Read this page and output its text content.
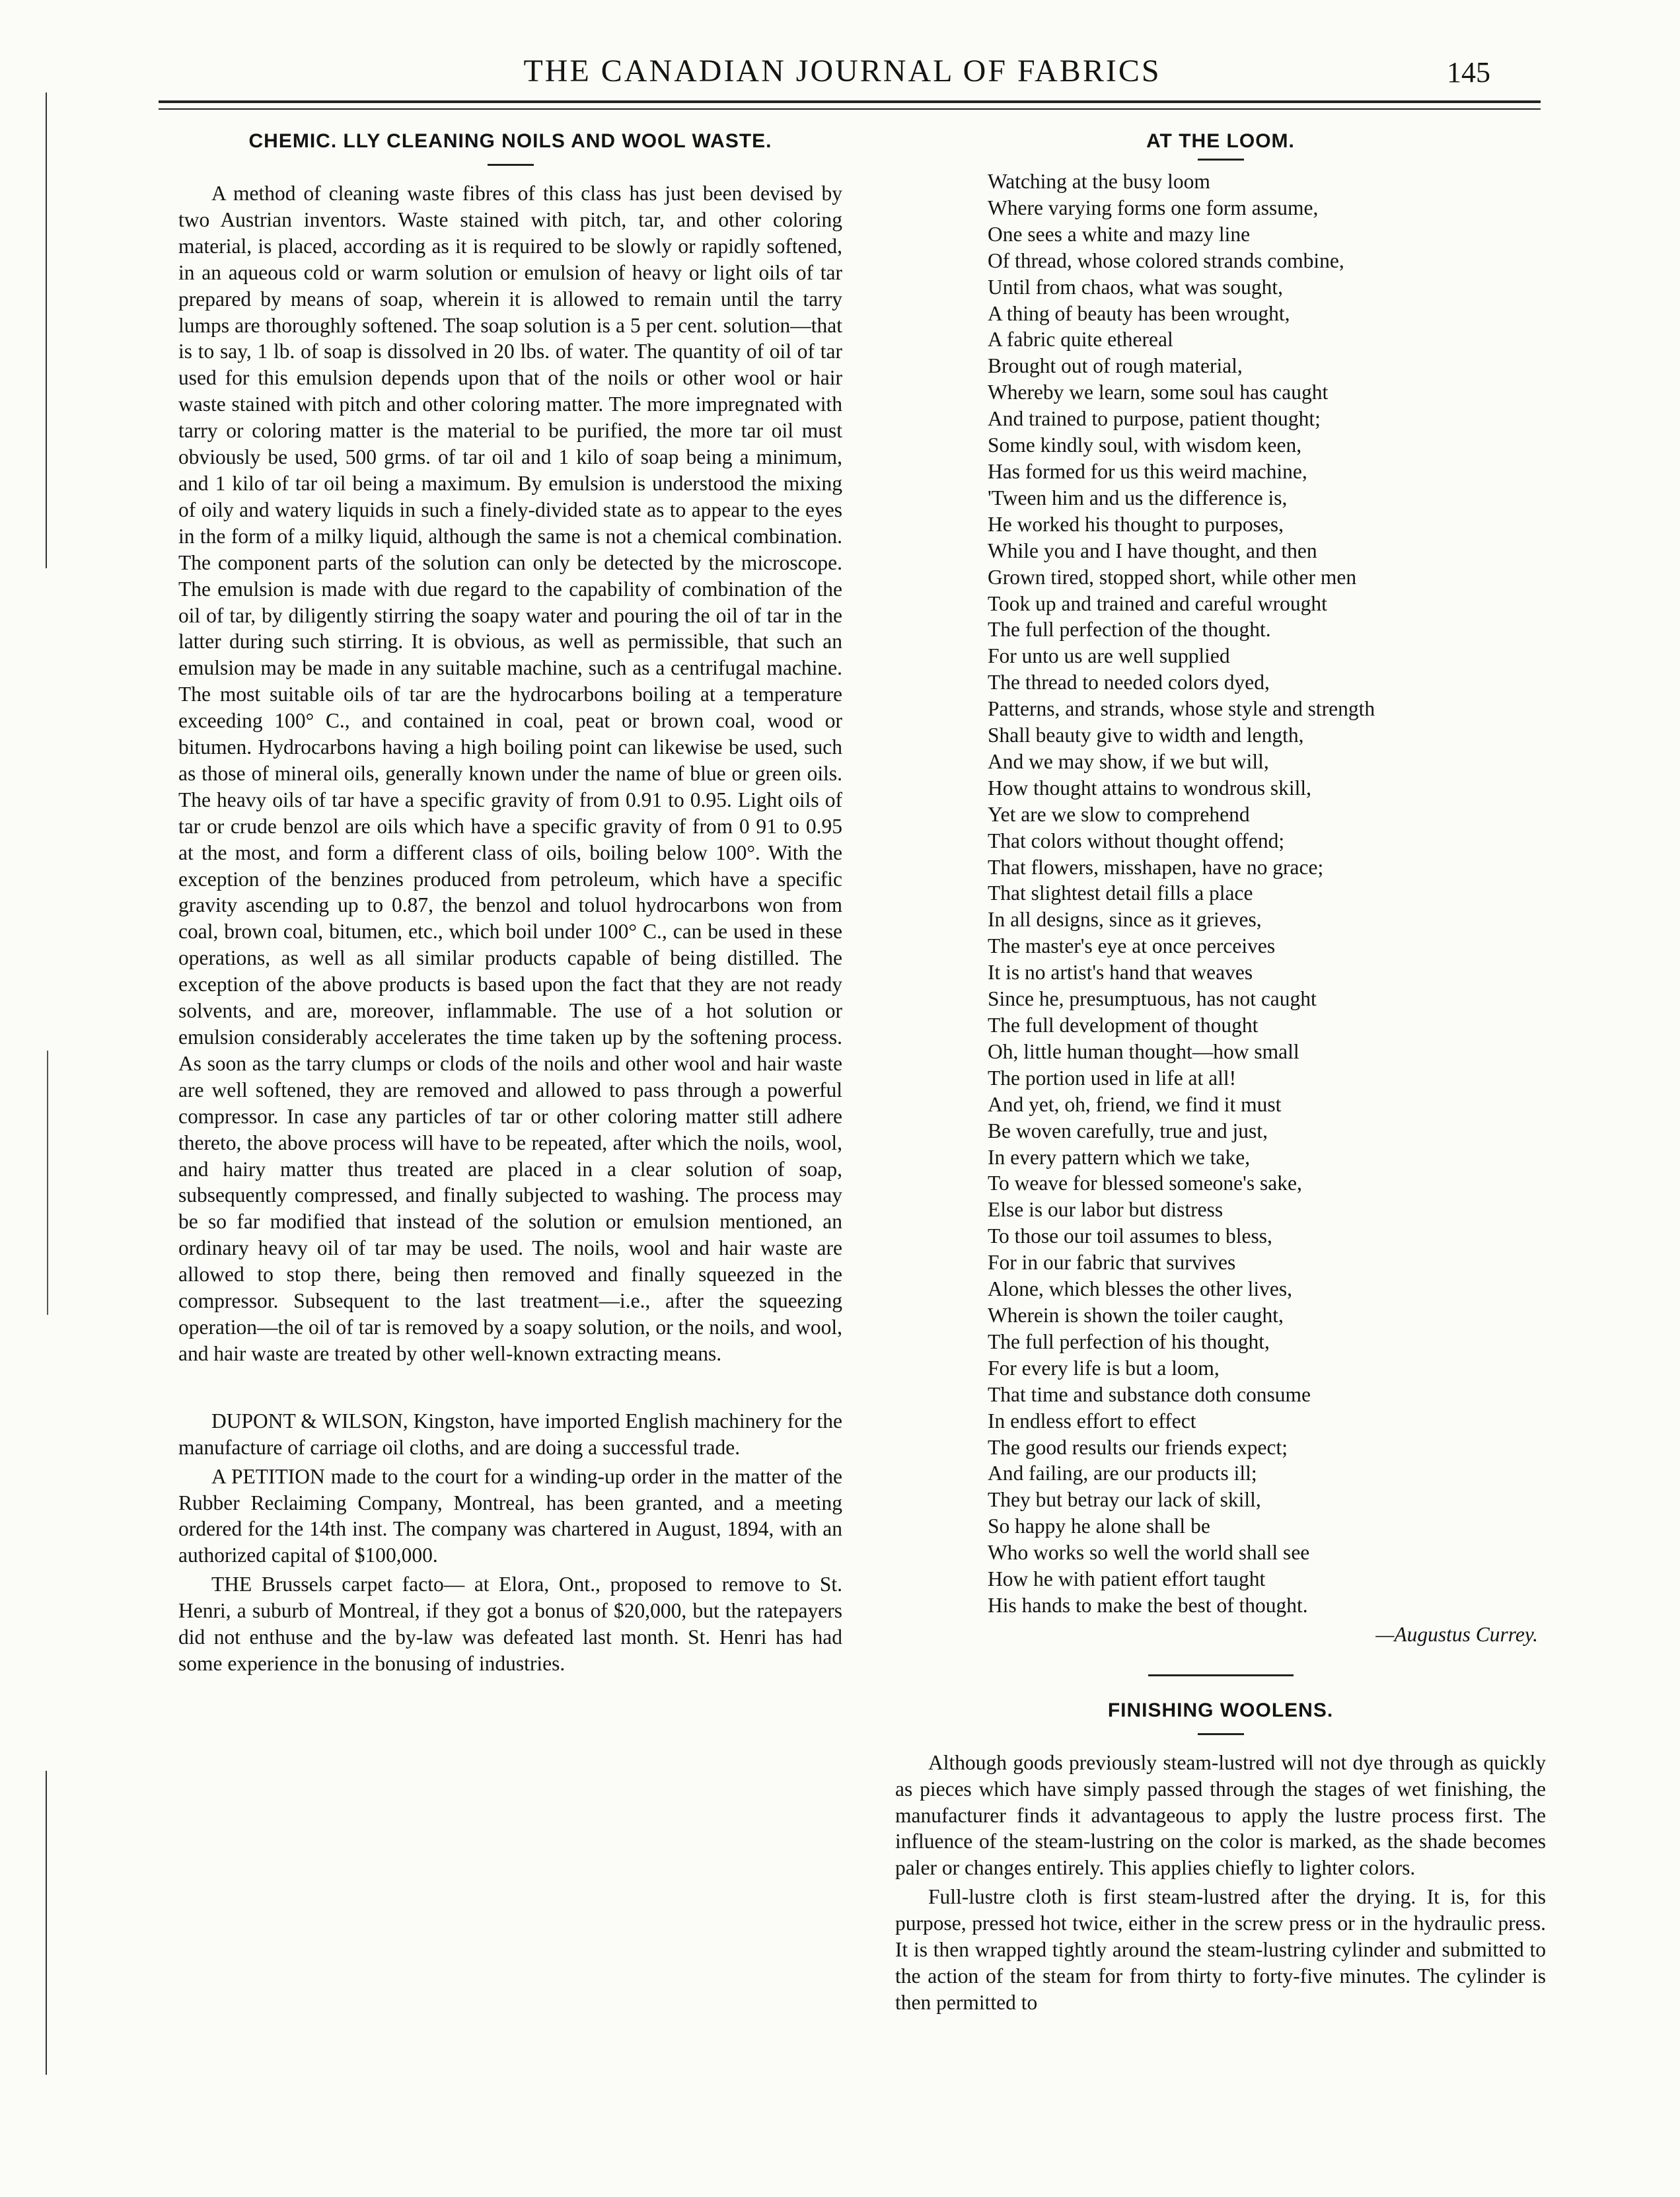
THE CANADIAN JOURNAL OF FABRICS	145
CHEMIC. LLY CLEANING NOILS AND WOOL WASTE.

A method of cleaning waste fibres of this class has just been devised by two Austrian inventors. Waste stained with pitch, tar, and other coloring material, is placed, according as it is required to be slowly or rapidly softened, in an aqueous cold or warm solution or emulsion of heavy or light oils of tar prepared by means of soap, wherein it is allowed to remain until the tarry lumps are thoroughly softened. The soap solution is a 5 per cent. solution—that is to say, 1 lb. of soap is dissolved in 20 lbs. of water. The quantity of oil of tar used for this emulsion depends upon that of the noils or other wool or hair waste stained with pitch and other coloring matter. The more impregnated with tarry or coloring matter is the material to be purified, the more tar oil must obviously be used, 500 grms. of tar oil and 1 kilo of soap being a minimum, and 1 kilo of tar oil being a maximum. By emulsion is understood the mixing of oily and watery liquids in such a finely-divided state as to appear to the eyes in the form of a milky liquid, although the same is not a chemical combination. The component parts of the solution can only be detected by the microscope. The emulsion is made with due regard to the capability of combination of the oil of tar, by diligently stirring the soapy water and pouring the oil of tar in the latter during such stirring. It is obvious, as well as permissible, that such an emulsion may be made in any suitable machine, such as a centrifugal machine. The most suitable oils of tar are the hydrocarbons boiling at a temperature exceeding 100° C., and contained in coal, peat or brown coal, wood or bitumen. Hydrocarbons having a high boiling point can likewise be used, such as those of mineral oils, generally known under the name of blue or green oils. The heavy oils of tar have a specific gravity of from 0.91 to 0.95. Light oils of tar or crude benzol are oils which have a specific gravity of from 0 91 to 0.95 at the most, and form a different class of oils, boiling below 100°. With the exception of the benzines produced from petroleum, which have a specific gravity ascending up to 0.87, the benzol and toluol hydrocarbons won from coal, brown coal, bitumen, etc., which boil under 100° C., can be used in these operations, as well as all similar products capable of being distilled. The exception of the above products is based upon the fact that they are not ready solvents, and are, moreover, inflammable. The use of a hot solution or emulsion considerably accelerates the time taken up by the softening process. As soon as the tarry clumps or clods of the noils and other wool and hair waste are well softened, they are removed and allowed to pass through a powerful compressor. In case any particles of tar or other coloring matter still adhere thereto, the above process will have to be repeated, after which the noils, wool, and hairy matter thus treated are placed in a clear solution of soap, subsequently compressed, and finally subjected to washing. The process may be so far modified that instead of the solution or emulsion mentioned, an ordinary heavy oil of tar may be used. The noils, wool and hair waste are allowed to stop there, being then removed and finally squeezed in the compressor. Subsequent to the last treatment—i.e., after the squeezing operation—the oil of tar is removed by a soapy solution, or the noils, and wool, and hair waste are treated by other well-known extracting means.

DUPONT & WILSON, Kingston, have imported English machinery for the manufacture of carriage oil cloths, and are doing a successful trade.

A PETITION made to the court for a winding-up order in the matter of the Rubber Reclaiming Company, Montreal, has been granted, and a meeting ordered for the 14th inst. The company was chartered in August, 1894, with an authorized capital of $100,000.

THE Brussels carpet facto— at Elora, Ont., proposed to remove to St. Henri, a suburb of Montreal, if they got a bonus of $20,000, but the ratepayers did not enthuse and the by-law was defeated last month. St. Henri has had some experience in the bonusing of industries.

AT THE LOOM.
Watching at the busy loom
Where varying forms one form assume,
One sees a white and mazy line
Of thread, whose colored strands combine,
Until from chaos, what was sought,
A thing of beauty has been wrought,
A fabric quite ethereal
Brought out of rough material,
Whereby we learn, some soul has caught
And trained to purpose, patient thought;
Some kindly soul, with wisdom keen,
Has formed for us this weird machine,
'Tween him and us the difference is,
He worked his thought to purposes,
While you and I have thought, and then
Grown tired, stopped short, while other men
Took up and trained and careful wrought
The full perfection of the thought.
For unto us are well supplied
The thread to needed colors dyed,
Patterns, and strands, whose style and strength
Shall beauty give to width and length,
And we may show, if we but will,
How thought attains to wondrous skill,
Yet are we slow to comprehend
That colors without thought offend;
That flowers, misshapen, have no grace;
That slightest detail fills a place
In all designs, since as it grieves,
The master's eye at once perceives
It is no artist's hand that weaves
Since he, presumptuous, has not caught
The full development of thought
Oh, little human thought—how small
The portion used in life at all!
And yet, oh, friend, we find it must
Be woven carefully, true and just,
In every pattern which we take,
To weave for blessed someone's sake,
Else is our labor but distress
To those our toil assumes to bless,
For in our fabric that survives
Alone, which blesses the other lives,
Wherein is shown the toiler caught,
The full perfection of his thought,
For every life is but a loom,
That time and substance doth consume
In endless effort to effect
The good results our friends expect;
And failing, are our products ill;
They but betray our lack of skill,
So happy he alone shall be
Who works so well the world shall see
How he with patient effort taught
His hands to make the best of thought.
—Augustus Currey.
FINISHING WOOLENS.

Although goods previously steam-lustred will not dye through as quickly as pieces which have simply passed through the stages of wet finishing, the manufacturer finds it advantageous to apply the lustre process first. The influence of the steam-lustring on the color is marked, as the shade becomes paler or changes entirely. This applies chiefly to lighter colors.

Full-lustre cloth is first steam-lustred after the drying. It is, for this purpose, pressed hot twice, either in the screw press or in the hydraulic press. It is then wrapped tightly around the steam-lustring cylinder and submitted to the action of the steam for from thirty to forty-five minutes. The cylinder is then permitted to
